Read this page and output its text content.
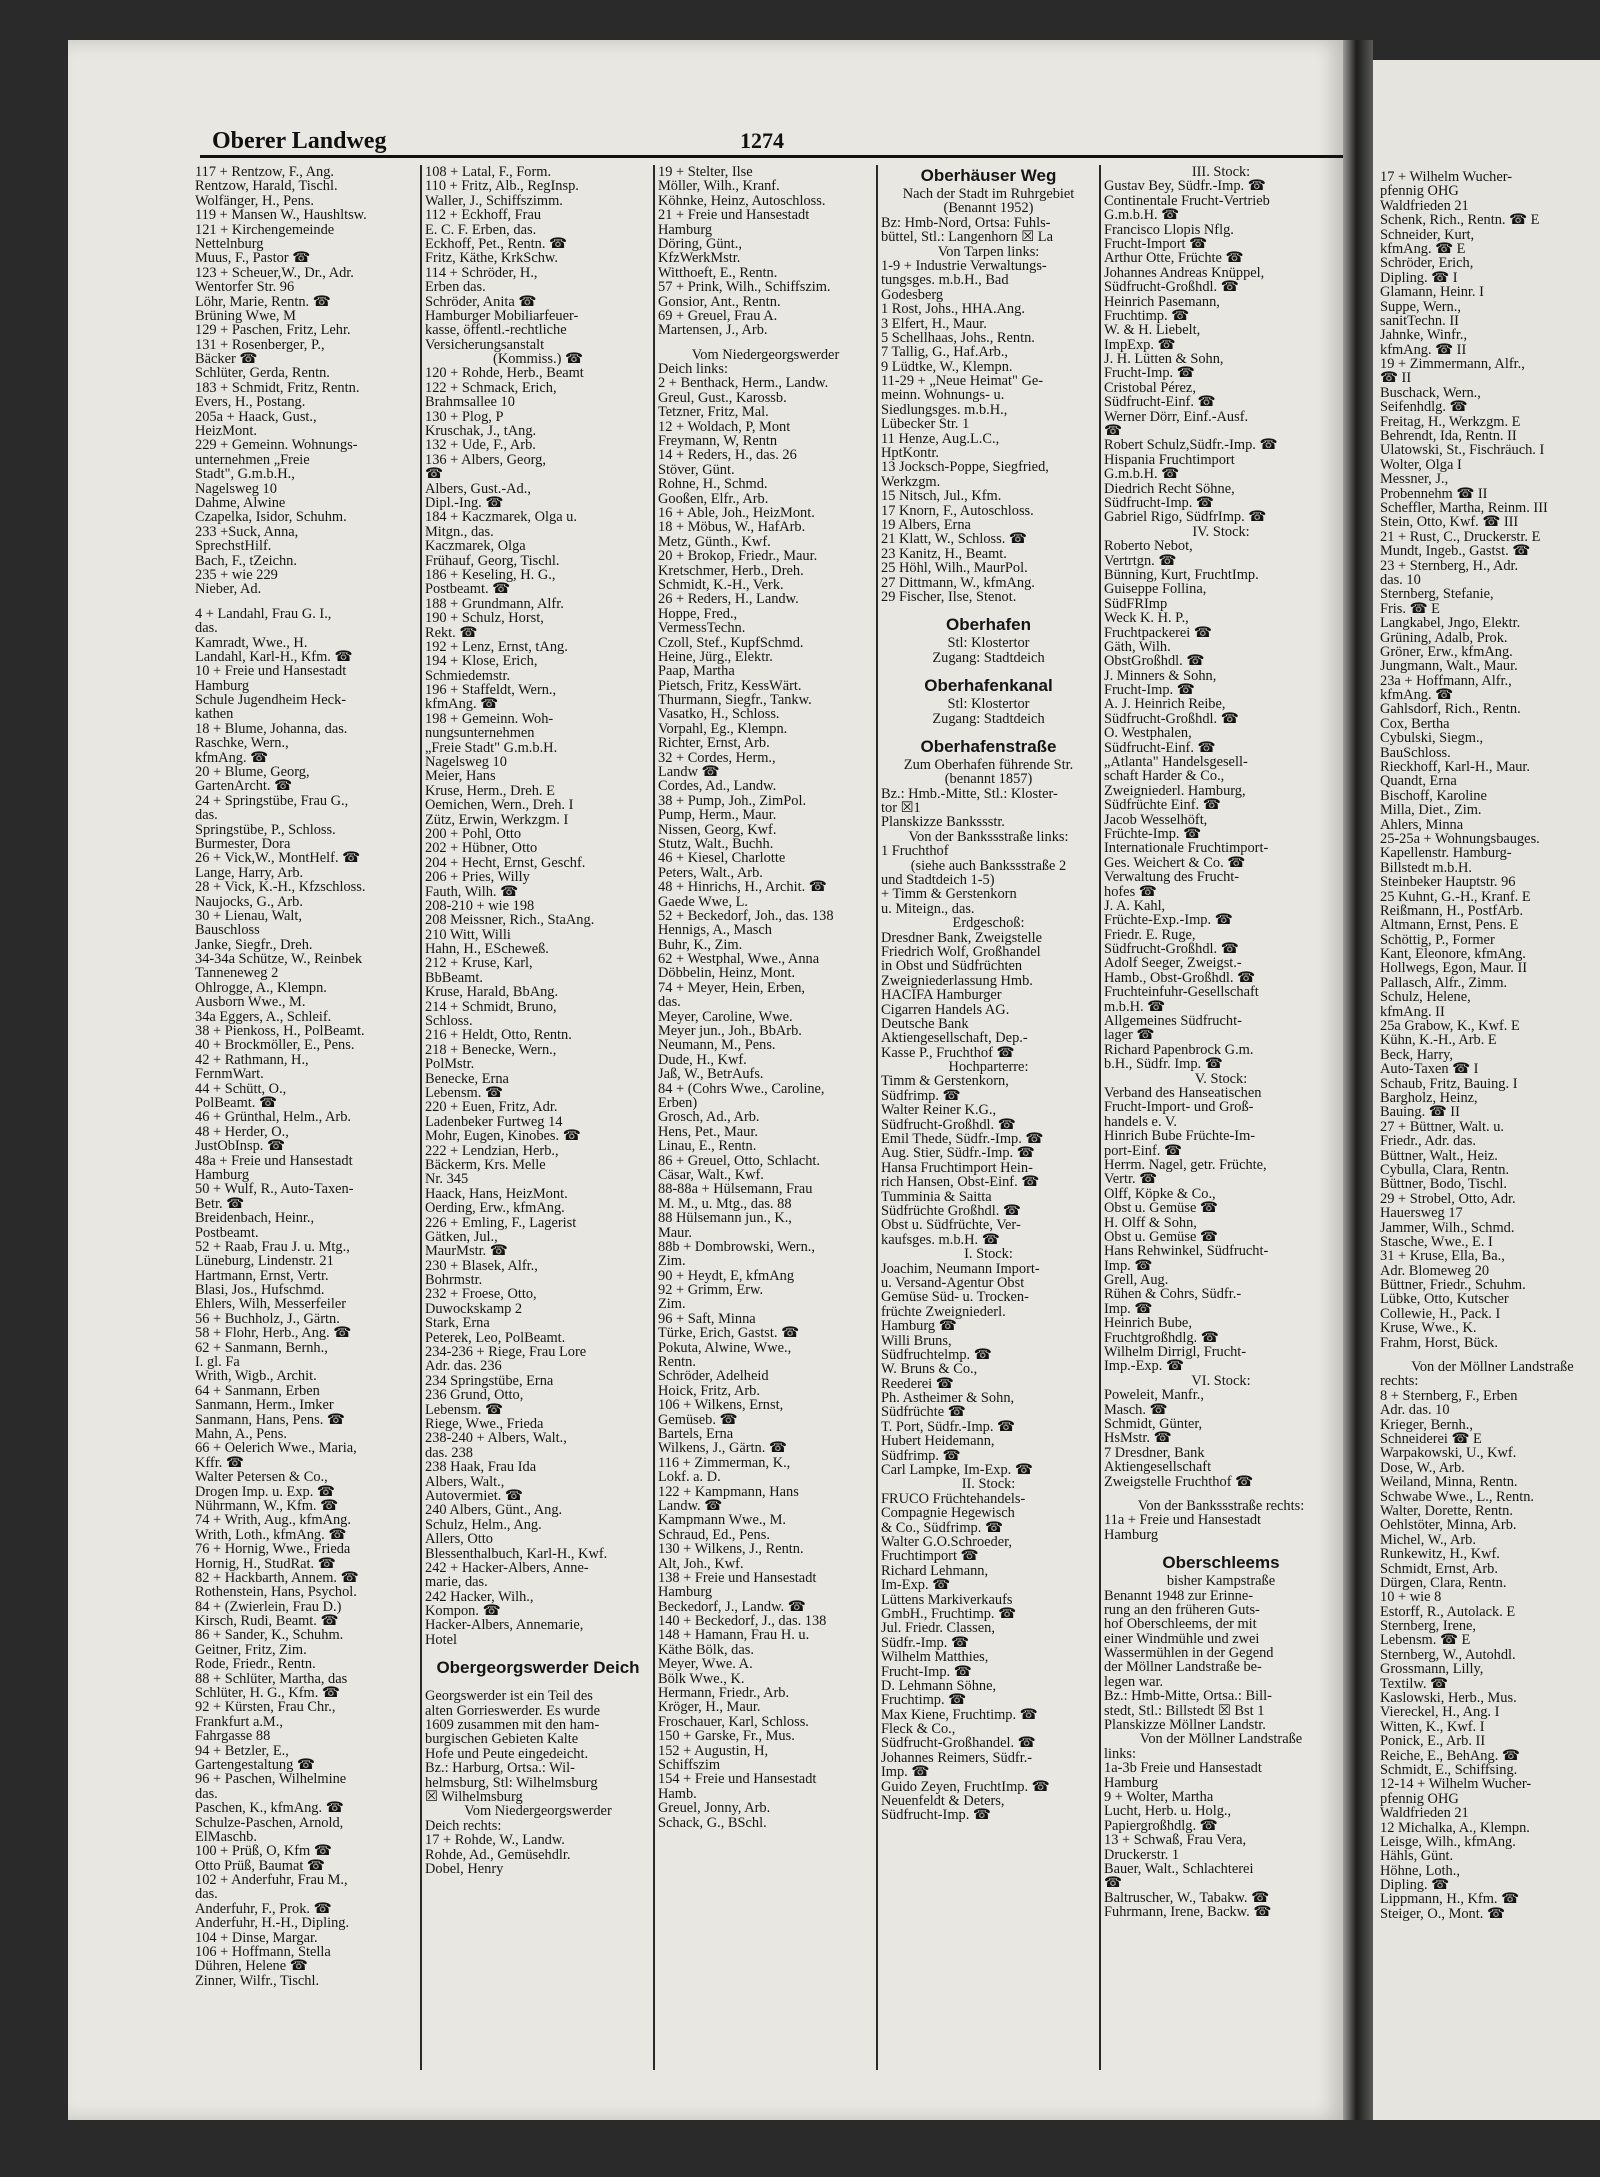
Oberer Landweg	1274
117 + Rentzow, F., Ang.
Rentzow, Harald, Tischl.
Wolfänger, H., Pens.
119 + Mansen W., Haushltsw.
121 + Kirchengemeinde
Nettelnburg
Muus, F., Pastor ☎
123 + Scheuer,W., Dr., Adr.
Wentorfer Str. 96
Löhr, Marie, Rentn. ☎
Brüning Wwe, M
129 + Paschen, Fritz, Lehr.
131 + Rosenberger, P.,
Bäcker ☎
Schlüter, Gerda, Rentn.
183 + Schmidt, Fritz, Rentn.
Evers, H., Postang.
205a + Haack, Gust.,
HeizMont.
229 + Gemeinn. Wohnungs-
unternehmen „Freie
Stadt", G.m.b.H.,
Nagelsweg 10
Dahme, Alwine
Czapelka, Isidor, Schuhm.
233 +Suck, Anna,
SprechstHilf.
Bach, F., tZeichn.
235 + wie 229
Nieber, Ad.
4 + Landahl, Frau G. I.,
das.
Kamradt, Wwe., H.
Landahl, Karl-H., Kfm. ☎
10 + Freie und Hansestadt
Hamburg
Schule Jugendheim Heck-
kathen
18 + Blume, Johanna, das.
Raschke, Wern.,
kfmAng. ☎
20 + Blume, Georg,
GartenArcht. ☎
24 + Springstübe, Frau G.,
das.
Springstübe, P., Schloss.
Burmester, Dora
26 + Vick,W., MontHelf. ☎
Lange, Harry, Arb.
28 + Vick, K.-H., Kfzschloss.
Naujocks, G., Arb.
30 + Lienau, Walt,
Bauschloss
Janke, Siegfr., Dreh.
34-34a Schütze, W., Reinbek
Tanneneweg 2
Ohlrogge, A., Klempn.
Ausborn Wwe., M.
34a Eggers, A., Schleif.
38 + Pienkoss, H., PolBeamt.
40 + Brockmöller, E., Pens.
42 + Rathmann, H.,
FernmWart.
44 + Schütt, O.,
PolBeamt. ☎
46 + Grünthal, Helm., Arb.
48 + Herder, O.,
JustObInsp. ☎
48a + Freie und Hansestadt
Hamburg
50 + Wulf, R., Auto-Taxen-
Betr. ☎
Breidenbach, Heinr.,
Postbeamt.
52 + Raab, Frau J. u. Mtg.,
Lüneburg, Lindenstr. 21
Hartmann, Ernst, Vertr.
Blasi, Jos., Hufschmd.
Ehlers, Wilh, Messerfeiler
56 + Buchholz, J., Gärtn.
58 + Flohr, Herb., Ang. ☎
62 + Sanmann, Bernh.,
I. gl. Fa
Writh, Wigb., Archit.
64 + Sanmann, Erben
Sanmann, Herm., Imker
Sanmann, Hans, Pens. ☎
Mahn, A., Pens.
66 + Oelerich Wwe., Maria,
Kffr. ☎
Walter Petersen & Co.,
Drogen Imp. u. Exp. ☎
Nührmann, W., Kfm. ☎
74 + Writh, Aug., kfmAng.
Writh, Loth., kfmAng. ☎
76 + Hornig, Wwe., Frieda
Hornig, H., StudRat. ☎
82 + Hackbarth, Annem. ☎
Rothenstein, Hans, Psychol.
84 + (Zwierlein, Frau D.)
Kirsch, Rudi, Beamt. ☎
86 + Sander, K., Schuhm.
Geitner, Fritz, Zim.
Rode, Friedr., Rentn.
88 + Schlüter, Martha, das
Schlüter, H. G., Kfm. ☎
92 + Kürsten, Frau Chr.,
Frankfurt a.M.,
Fahrgasse 88
94 + Betzler, E.,
Gartengestaltung ☎
96 + Paschen, Wilhelmine
das.
Paschen, K., kfmAng. ☎
Schulze-Paschen, Arnold,
ElMaschb.
100 + Prüß, O, Kfm ☎
Otto Prüß, Baumat ☎
102 + Anderfuhr, Frau M.,
das.
Anderfuhr, F., Prok. ☎
Anderfuhr, H.-H., Dipling.
104 + Dinse, Margar.
106 + Hoffmann, Stella
Dühren, Helene ☎
Zinner, Wilfr., Tischl.
108 + Latal, F., Form.
110 + Fritz, Alb., RegInsp.
Waller, J., Schiffszimm.
112 + Eckhoff, Frau
E. C. F. Erben, das.
Eckhoff, Pet., Rentn. ☎
Fritz, Käthe, KrkSchw.
114 + Schröder, H.,
Erben das.
Schröder, Anita ☎
Hamburger Mobiliarfeuer-
kasse, öffentl.-rechtliche
Versicherungsanstalt
(Kommiss.) ☎
120 + Rohde, Herb., Beamt
122 + Schmack, Erich,
Brahmsallee 10
130 + Plog, P
Kruschak, J., tAng.
132 + Ude, F., Arb.
136 + Albers, Georg,
☎
Albers, Gust.-Ad.,
Dipl.-Ing. ☎
184 + Kaczmarek, Olga u.
Mitgn., das.
Kaczmarek, Olga
Frühauf, Georg, Tischl.
186 + Keseling, H. G.,
Postbeamt. ☎
188 + Grundmann, Alfr.
190 + Schulz, Horst,
Rekt. ☎
192 + Lenz, Ernst, tAng.
194 + Klose, Erich,
Schmiedemstr.
196 + Staffeldt, Wern.,
kfmAng. ☎
198 + Gemeinn. Woh-
nungsunternehmen
„Freie Stadt" G.m.b.H.
Nagelsweg 10
Meier, Hans
Kruse, Herm., Dreh. E
Oemichen, Wern., Dreh. I
Zütz, Erwin, Werkzgm. I
200 + Pohl, Otto
202 + Hübner, Otto
204 + Hecht, Ernst, Geschf.
206 + Pries, Willy
Fauth, Wilh. ☎
208-210 + wie 198
208 Meissner, Rich., StaAng.
210 Witt, Willi
Hahn, H., EScheweß.
212 + Kruse, Karl,
BbBeamt.
Kruse, Harald, BbAng.
214 + Schmidt, Bruno,
Schloss.
216 + Heldt, Otto, Rentn.
218 + Benecke, Wern.,
PolMstr.
Benecke, Erna
Lebensm. ☎
220 + Euen, Fritz, Adr.
Ladenbeker Furtweg 14
Mohr, Eugen, Kinobes. ☎
222 + Lendzian, Herb.,
Bäckerm, Krs. Melle
Nr. 345
Haack, Hans, HeizMont.
Oerding, Erw., kfmAng.
226 + Emling, F., Lagerist
Gätken, Jul.,
MaurMstr. ☎
230 + Blasek, Alfr.,
Bohrmstr.
232 + Froese, Otto,
Duwockskamp 2
Stark, Erna
Peterek, Leo, PolBeamt.
234-236 + Riege, Frau Lore
Adr. das. 236
234 Springstübe, Erna
236 Grund, Otto,
Lebensm. ☎
Riege, Wwe., Frieda
238-240 + Albers, Walt.,
das. 238
238 Haak, Frau Ida
Albers, Walt.,
Autovermiet. ☎
240 Albers, Günt., Ang.
Schulz, Helm., Ang.
Allers, Otto
Blessenthalbuch, Karl-H., Kwf.
242 + Hacker-Albers, Anne-
marie, das.
242 Hacker, Wilh.,
Kompon. ☎
Hacker-Albers, Annemarie,
Hotel
Obergeorgswerder Deich
Georgswerder ist ein Teil des
alten Gorrieswerder. Es wurde
1609 zusammen mit den ham-
burgischen Gebieten Kalte
Hofe und Peute eingedeicht.
Bz.: Harburg, Ortsa.: Wil-
helmsburg, Stl: Wilhelmsburg
☒ Wilhelmsburg
Vom Niedergeorgswerder
Deich rechts:
17 + Rohde, W., Landw.
Rohde, Ad., Gemüsehdlr.
Dobel, Henry
19 + Stelter, Ilse
Möller, Wilh., Kranf.
Köhnke, Heinz, Autoschloss.
21 + Freie und Hansestadt
Hamburg
Döring, Günt.,
KfzWerkMstr.
Witthoeft, E., Rentn.
57 + Prink, Wilh., Schiffszim.
Gonsior, Ant., Rentn.
69 + Greuel, Frau A.
Martensen, J., Arb.
Vom Niedergeorgswerder
Deich links:
2 + Benthack, Herm., Landw.
Greul, Gust., Karossb.
Tetzner, Fritz, Mal.
12 + Woldach, P, Mont
Freymann, W, Rentn
14 + Reders, H., das. 26
Stöver, Günt.
Rohne, H., Schmd.
Gooßen, Elfr., Arb.
16 + Able, Joh., HeizMont.
18 + Möbus, W., HafArb.
Metz, Günth., Kwf.
20 + Brokop, Friedr., Maur.
Kretschmer, Herb., Dreh.
Schmidt, K.-H., Verk.
26 + Reders, H., Landw.
Hoppe, Fred.,
VermessTechn.
Czoll, Stef., KupfSchmd.
Heine, Jürg., Elektr.
Paap, Martha
Pietsch, Fritz, KessWärt.
Thurmann, Siegfr., Tankw.
Vasatko, H., Schloss.
Vorpahl, Eg., Klempn.
Richter, Ernst, Arb.
32 + Cordes, Herm.,
Landw ☎
Cordes, Ad., Landw.
38 + Pump, Joh., ZimPol.
Pump, Herm., Maur.
Nissen, Georg, Kwf.
Stutz, Walt., Buchh.
46 + Kiesel, Charlotte
Peters, Walt., Arb.
48 + Hinrichs, H., Archit. ☎
Gaede Wwe, L.
52 + Beckedorf, Joh., das. 138
Hennigs, A., Masch
Buhr, K., Zim.
62 + Westphal, Wwe., Anna
Döbbelin, Heinz, Mont.
74 + Meyer, Hein, Erben,
das.
Meyer, Caroline, Wwe.
Meyer jun., Joh., BbArb.
Neumann, M., Pens.
Dude, H., Kwf.
Jaß, W., BetrAufs.
84 + (Cohrs Wwe., Caroline,
Erben)
Grosch, Ad., Arb.
Hens, Pet., Maur.
Linau, E., Rentn.
86 + Greuel, Otto, Schlacht.
Cäsar, Walt., Kwf.
88-88a + Hülsemann, Frau
M. M., u. Mtg., das. 88
88 Hülsemann jun., K.,
Maur.
88b + Dombrowski, Wern.,
Zim.
90 + Heydt, E, kfmAng
92 + Grimm, Erw.
Zim.
96 + Saft, Minna
Türke, Erich, Gastst. ☎
Pokuta, Alwine, Wwe.,
Rentn.
Schröder, Adelheid
Hoick, Fritz, Arb.
106 + Wilkens, Ernst,
Gemüseb. ☎
Bartels, Erna
Wilkens, J., Gärtn. ☎
116 + Zimmerman, K.,
Lokf. a. D.
122 + Kampmann, Hans
Landw. ☎
Kampmann Wwe., M.
Schraud, Ed., Pens.
130 + Wilkens, J., Rentn.
Alt, Joh., Kwf.
138 + Freie und Hansestadt
Hamburg
Beckedorf, J., Landw. ☎
140 + Beckedorf, J., das. 138
148 + Hamann, Frau H. u.
Käthe Bölk, das.
Meyer, Wwe. A.
Bölk Wwe., K.
Hermann, Friedr., Arb.
Kröger, H., Maur.
Froschauer, Karl, Schloss.
150 + Garske, Fr., Mus.
152 + Augustin, H,
Schiffszim
154 + Freie und Hansestadt
Hamb.
Greuel, Jonny, Arb.
Schack, G., BSchl.
Oberhäuser Weg
Nach der Stadt im Ruhrgebiet
(Benannt 1952)
Bz: Hmb-Nord, Ortsa: Fuhls-
büttel, Stl.: Langenhorn ☒ La
Von Tarpen links:
1-9 + Industrie Verwaltungs-
tungsges. m.b.H., Bad
Godesberg
1 Rost, Johs., HHA.Ang.
3 Elfert, H., Maur.
5 Schellhaas, Johs., Rentn.
7 Tallig, G., Haf.Arb.,
9 Lüdtke, W., Klempn.
11-29 + „Neue Heimat" Ge-
meinn. Wohnungs- u.
Siedlungsges. m.b.H.,
Lübecker Str. 1
11 Henze, Aug.L.C.,
HptKontr.
13 Jocksch-Poppe, Siegfried,
Werkzgm.
15 Nitsch, Jul., Kfm.
17 Knorn, F., Autoschloss.
19 Albers, Erna
21 Klatt, W., Schloss. ☎
23 Kanitz, H., Beamt.
25 Höhl, Wilh., MaurPol.
27 Dittmann, W., kfmAng.
29 Fischer, Ilse, Stenot.
Oberhafen
Stl: Klostertor
Zugang: Stadtdeich
Oberhafenkanal
Stl: Klostertor
Zugang: Stadtdeich
Oberhafenstraße
Zum Oberhafen führende Str.
(benannt 1857)
Bz.: Hmb.-Mitte, Stl.: Kloster-
tor ☒1
Planskizze Bankssstr.
Von der Bankssstraße links:
1 Fruchthof
(siehe auch Bankssstraße 2
und Stadtdeich 1-5)
+ Timm & Gerstenkorn
u. Miteign., das.
Erdgeschoß:
Dresdner Bank, Zweigstelle
Friedrich Wolf, Großhandel
in Obst und Südfrüchten
Zweigniederlassung Hmb.
HACIFA Hamburger
Cigarren Handels AG.
Deutsche Bank
Aktiengesellschaft, Dep.-
Kasse P., Fruchthof ☎
Hochparterre:
Timm & Gerstenkorn,
Südfrimp. ☎
Walter Reiner K.G.,
Südfrucht-Großhdl. ☎
Emil Thede, Südfr.-Imp. ☎
Aug. Stier, Südfr.-Imp. ☎
Hansa Fruchtimport Hein-
rich Hansen, Obst-Einf. ☎
Tumminia & Saitta
Südfrüchte Großhdl. ☎
Obst u. Südfrüchte, Ver-
kaufsges. m.b.H. ☎
I. Stock:
Joachim, Neumann Import-
u. Versand-Agentur Obst
Gemüse Süd- u. Trocken-
früchte Zweigniederl.
Hamburg ☎
Willi Bruns,
Südfruchtelmp. ☎
W. Bruns & Co.,
Reederei ☎
Ph. Astheimer & Sohn,
Südfrüchte ☎
T. Port, Südfr.-Imp. ☎
Hubert Heidemann,
Südfrimp. ☎
Carl Lampke, Im-Exp. ☎
II. Stock:
FRUCO Früchtehandels-
Compagnie Hegewisch
& Co., Südfrimp. ☎
Walter G.O.Schroeder,
Fruchtimport ☎
Richard Lehmann,
Im-Exp. ☎
Lüttens Markiverkaufs
GmbH., Fruchtimp. ☎
Jul. Friedr. Classen,
Südfr.-Imp. ☎
Wilhelm Matthies,
Frucht-Imp. ☎
D. Lehmann Söhne,
Fruchtimp. ☎
Max Kiene, Fruchtimp. ☎
Fleck & Co.,
Südfrucht-Großhandel. ☎
Johannes Reimers, Südfr.-
Imp. ☎
Guido Zeyen, FruchtImp. ☎
Neuenfeldt & Deters,
Südfrucht-Imp. ☎
III. Stock:
Gustav Bey, Südfr.-Imp. ☎
Continentale Frucht-Vertrieb
G.m.b.H. ☎
Francisco Llopis Nflg.
Frucht-Import ☎
Arthur Otte, Früchte ☎
Johannes Andreas Knüppel,
Südfrucht-Großhdl. ☎
Heinrich Pasemann,
Fruchtimp. ☎
W. & H. Liebelt,
ImpExp. ☎
J. H. Lütten & Sohn,
Frucht-Imp. ☎
Cristobal Pérez,
Südfrucht-Einf. ☎
Werner Dörr, Einf.-Ausf.
☎
Robert Schulz,Südfr.-Imp. ☎
Hispania Fruchtimport
G.m.b.H. ☎
Diedrich Recht Söhne,
Südfrucht-Imp. ☎
Gabriel Rigo, SüdfrImp. ☎
IV. Stock:
Roberto Nebot,
Vertrtgn. ☎
Bünning, Kurt, FruchtImp.
Guiseppe Follina,
SüdFRImp
Weck K. H. P.,
Fruchtpackerei ☎
Gäth, Wilh.
ObstGroßhdl. ☎
J. Minners & Sohn,
Frucht-Imp. ☎
A. J. Heinrich Reibe,
Südfrucht-Großhdl. ☎
O. Westphalen,
Südfrucht-Einf. ☎
„Atlanta" Handelsgesell-
schaft Harder & Co.,
Zweigniederl. Hamburg,
Südfrüchte Einf. ☎
Jacob Wesselhöft,
Früchte-Imp. ☎
Internationale Fruchtimport-
Ges. Weichert & Co. ☎
Verwaltung des Frucht-
hofes ☎
J. A. Kahl,
Früchte-Exp.-Imp. ☎
Friedr. E. Ruge,
Südfrucht-Großhdl. ☎
Adolf Seeger, Zweigst.-
Hamb., Obst-Großhdl. ☎
Fruchteinfuhr-Gesellschaft
m.b.H. ☎
Allgemeines Südfrucht-
lager ☎
Richard Papenbrock G.m.
b.H., Südfr. Imp. ☎
V. Stock:
Verband des Hanseatischen
Frucht-Import- und Groß-
handels e. V.
Hinrich Bube Früchte-Im-
port-Einf. ☎
Herrm. Nagel, getr. Früchte,
Vertr. ☎
Olff, Köpke & Co.,
Obst u. Gemüse ☎
H. Olff & Sohn,
Obst u. Gemüse ☎
Hans Rehwinkel, Südfrucht-
Imp. ☎
Grell, Aug.
Rühen & Cohrs, Südfr.-
Imp. ☎
Heinrich Bube,
Fruchtgroßhdlg. ☎
Wilhelm Dirrigl, Frucht-
Imp.-Exp. ☎
VI. Stock:
Poweleit, Manfr.,
Masch. ☎
Schmidt, Günter,
HsMstr. ☎
7 Dresdner, Bank
Aktiengesellschaft
Zweigstelle Fruchthof ☎
Von der Bankssstraße rechts:
11a + Freie und Hansestadt
Hamburg
Oberschleems
bisher Kampstraße
Benannt 1948 zur Erinne-
rung an den früheren Guts-
hof Oberschleems, der mit
einer Windmühle und zwei
Wassermühlen in der Gegend
der Möllner Landstraße be-
legen war.
Bz.: Hmb-Mitte, Ortsa.: Bill-
stedt, Stl.: Billstedt ☒ Bst 1
Planskizze Möllner Landstr.
Von der Möllner Landstraße
links:
1a-3b Freie und Hansestadt
Hamburg
9 + Wolter, Martha
Lucht, Herb. u. Holg.,
Papiergroßhdlg. ☎
13 + Schwaß, Frau Vera,
Druckerstr. 1
Bauer, Walt., Schlachterei
☎
Baltruscher, W., Tabakw. ☎
Fuhrmann, Irene, Backw. ☎
17 + Wilhelm Wucher-
pfennig OHG
Waldfrieden 21
Schenk, Rich., Rentn. ☎ E
Schneider, Kurt,
kfmAng. ☎ E
Schröder, Erich,
Dipling. ☎ I
Glamann, Heinr. I
Suppe, Wern.,
sanitTechn. II
Jahnke, Winfr.,
kfmAng. ☎ II
19 + Zimmermann, Alfr.,
☎ II
Buschack, Wern.,
Seifenhdlg. ☎
Freitag, H., Werkzgm. E
Behrendt, Ida, Rentn. II
Ulatowski, St., Fischräuch. I
Wolter, Olga I
Messner, J.,
Probennehm ☎ II
Scheffler, Martha, Reinm. III
Stein, Otto, Kwf. ☎ III
21 + Rust, C., Druckerstr. E
Mundt, Ingeb., Gastst. ☎
23 + Sternberg, H., Adr.
das. 10
Sternberg, Stefanie,
Fris. ☎ E
Langkabel, Jngo, Elektr.
Grüning, Adalb, Prok.
Gröner, Erw., kfmAng.
Jungmann, Walt., Maur.
23a + Hoffmann, Alfr.,
kfmAng. ☎
Gahlsdorf, Rich., Rentn.
Cox, Bertha
Cybulski, Siegm.,
BauSchloss.
Rieckhoff, Karl-H., Maur.
Quandt, Erna
Bischoff, Karoline
Milla, Diet., Zim.
Ahlers, Minna
25-25a + Wohnungsbauges.
Kapellenstr. Hamburg-
Billstedt m.b.H.
Steinbeker Hauptstr. 96
25 Kuhnt, G.-H., Kranf. E
Reißmann, H., PostfArb.
Altmann, Ernst, Pens. E
Schöttig, P., Former
Kant, Eleonore, kfmAng.
Hollwegs, Egon, Maur. II
Pallasch, Alfr., Zimm.
Schulz, Helene,
kfmAng. II
25a Grabow, K., Kwf. E
Kühn, K.-H., Arb. E
Beck, Harry,
Auto-Taxen ☎ I
Schaub, Fritz, Bauing. I
Bargholz, Heinz,
Bauing. ☎ II
27 + Büttner, Walt. u.
Friedr., Adr. das.
Büttner, Walt., Heiz.
Cybulla, Clara, Rentn.
Büttner, Bodo, Tischl.
29 + Strobel, Otto, Adr.
Hauersweg 17
Jammer, Wilh., Schmd.
Stasche, Wwe., E. I
31 + Kruse, Ella, Ba.,
Adr. Blomeweg 20
Büttner, Friedr., Schuhm.
Lübke, Otto, Kutscher
Collewie, H., Pack. I
Kruse, Wwe., K.
Frahm, Horst, Bück.
Von der Möllner Landstraße
rechts:
8 + Sternberg, F., Erben
Adr. das. 10
Krieger, Bernh.,
Schneiderei ☎ E
Warpakowski, U., Kwf.
Dose, W., Arb.
Weiland, Minna, Rentn.
Schwabe Wwe., L., Rentn.
Walter, Dorette, Rentn.
Oehlstöter, Minna, Arb.
Michel, W., Arb.
Runkewitz, H., Kwf.
Schmidt, Ernst, Arb.
Dürgen, Clara, Rentn.
10 + wie 8
Estorff, R., Autolack. E
Sternberg, Irene,
Lebensm. ☎ E
Sternberg, W., Autohdl.
Grossmann, Lilly,
Textilw. ☎
Kaslowski, Herb., Mus.
Viereckel, H., Ang. I
Witten, K., Kwf. I
Ponick, E., Arb. II
Reiche, E., BehAng. ☎
Schmidt, E., Schiffsing.
12-14 + Wilhelm Wucher-
pfennig OHG
Waldfrieden 21
12 Michalka, A., Klempn.
Leisge, Wilh., kfmAng.
Hähls, Günt.
Höhne, Loth.,
Dipling. ☎
Lippmann, H., Kfm. ☎
Steiger, O., Mont. ☎
